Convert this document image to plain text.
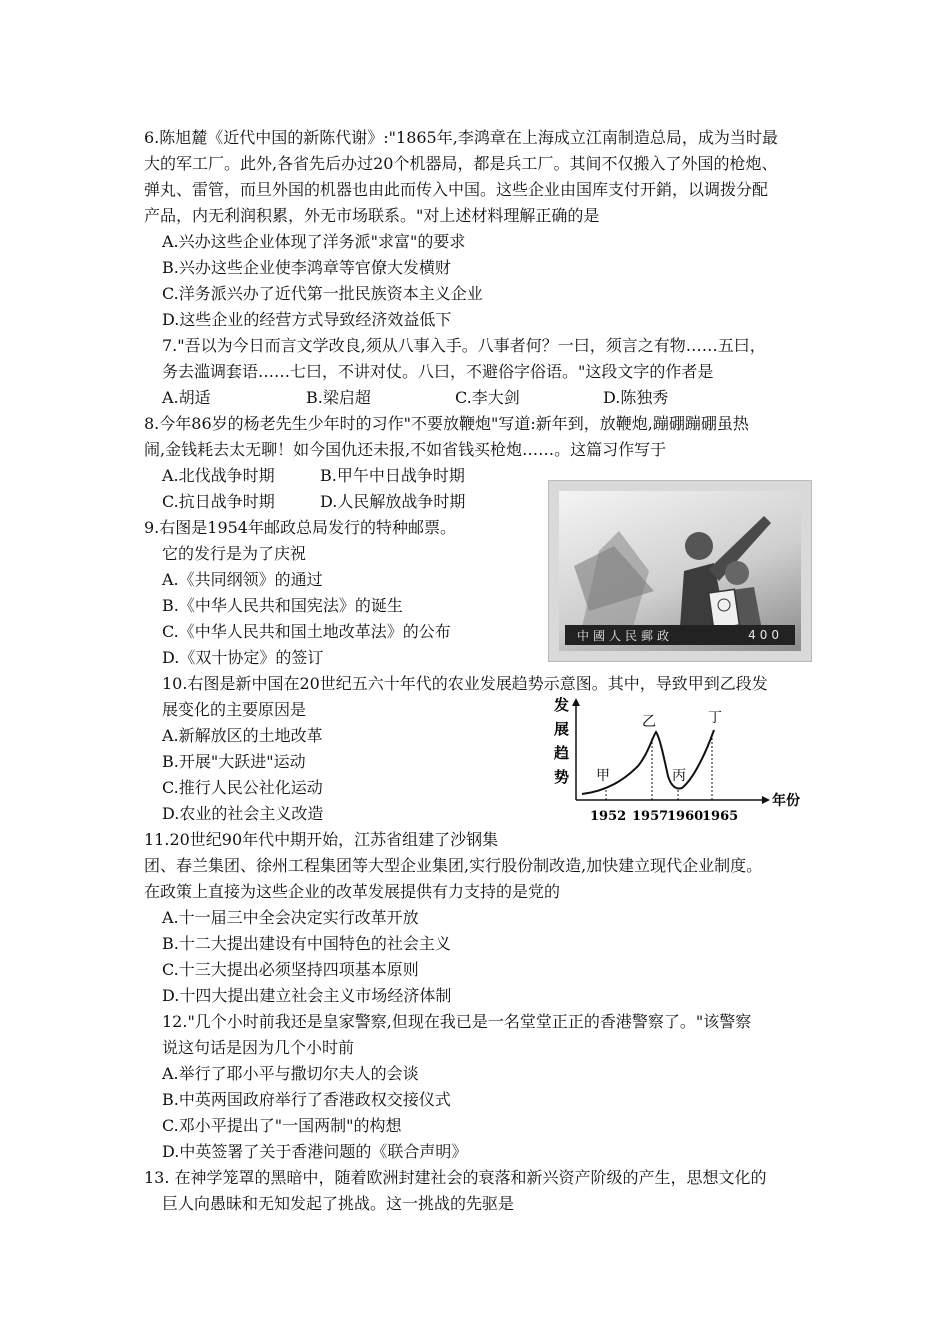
6.陈旭麓《近代中国的新陈代谢》:"1865年,李鸿章在上海成立江南制造总局，成为当时最
大的军工厂。此外,各省先后办过20个机器局，都是兵工厂。其间不仅搬入了外国的枪炮、
弹丸、雷管，而旦外国的机器也由此而传入中国。这些企业由国库支付开銷，以调拨分配
产品，内无利润积累，外无市场联系。"对上述材料理解正确的是
A.兴办这些企业体现了洋务派"求富"的要求
B.兴办这些企业使李鸿章等官僚大发横财
C.洋务派兴办了近代第一批民族资本主义企业
D.这些企业的经营方式导致经济效益低下
7."吾以为今日而言文学改良,须从八事入手。八事者何？一曰，须言之有物……五曰，
务去滥调套语……七曰，不讲对仗。八曰，不避俗字俗语。"这段文字的作者是
A.胡适	B.梁启超	C.李大剑	D.陈独秀
8.今年86岁的杨老先生少年时的习作"不要放鞭炮"写道:新年到，放鞭炮,蹦硼蹦硼虽热
闹,金钱耗去太无聊！如今国仇还未报,不如省钱买枪炮……。这篇习作写于
A.北伐战争时期	B.甲午中日战争时期
C.抗日战争时期	D.人民解放战争时期
中國人民郵政	400
9.右图是1954年邮政总局发行的特种邮票。
它的发行是为了庆祝
A.《共同纲领》的通过
B.《中华人民共和国宪法》的诞生
C.《中华人民共和国土地改革法》的公布
D.《双十协定》的签订
10.右图是新中国在20世纪五六十年代的农业发展趋势示意图。其中，导致甲到乙段发
展变化的主要原因是
A.新解放区的土地改革
B.开展"大跃进"运动
C.推行人民公社化运动
D.农业的社会主义改造
发
展
趋
势
年份
甲
乙
丙
丁
1952 1957
1960
1965
11.20世纪90年代中期开始，江苏省组建了沙钢集
团、春兰集团、徐州工程集团等大型企业集团,实行股份制改造,加快建立现代企业制度。
在政策上直接为这些企业的改革发展提供有力支持的是党的
A.十一届三中全会决定实行改革开放
B.十二大提出建设有中国特色的社会主义
C.十三大提出必须坚持四项基本原则
D.十四大提出建立社会主义市场经济体制
12."几个小时前我还是皇家警察,但现在我已是一名堂堂正正的香港警察了。"该警察
说这句话是因为几个小时前
A.举行了耶小平与撒切尔夫人的会谈
B.中英两国政府举行了香港政权交接仪式
C.邓小平提出了"一国两制"的构想
D.中英签署了关于香港问题的《联合声明》
13. 在神学笼罩的黑暗中，随着欧洲封建社会的衰落和新兴资产阶级的产生，思想文化的
巨人向愚昧和无知发起了挑战。这一挑战的先驱是
